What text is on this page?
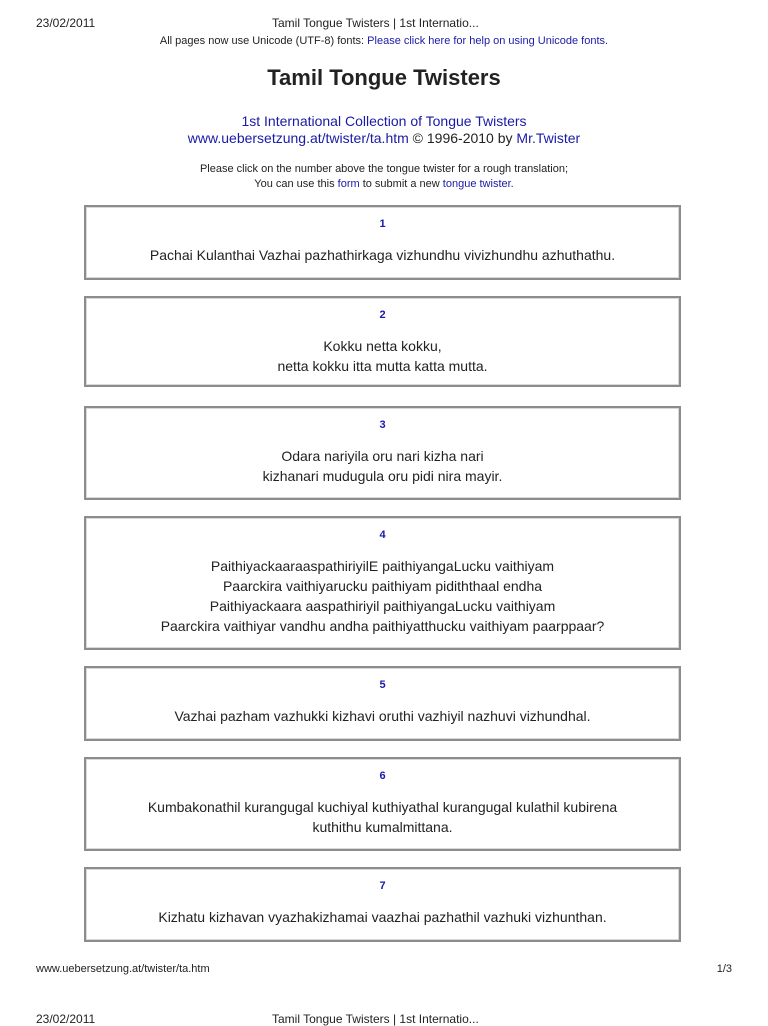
23/02/2011	Tamil Tongue Twisters | 1st Internatio...
All pages now use Unicode (UTF-8) fonts: Please click here for help on using Unicode fonts.
Tamil Tongue Twisters
1st International Collection of Tongue Twisters
www.uebersetzung.at/twister/ta.htm © 1996-2010 by Mr.Twister
Please click on the number above the tongue twister for a rough translation;
You can use this form to submit a new tongue twister.
1
Pachai Kulanthai Vazhai pazhathirkaga vizhundhu vivizhundhu azhuthathu.
2
Kokku netta kokku,
netta kokku itta mutta katta mutta.
3
Odara nariyila oru nari kizha nari
kizhanari mudugula oru pidi nira mayir.
4
PaithiyackaaraaspathiriyilE paithiyangaLucku vaithiyam
Paarckira vaithiyarucku paithiyam pidiththaal endha
Paithiyackaara aaspathiriyil paithiyangaLucku vaithiyam
Paarckira vaithiyar vandhu andha paithiyatthucku vaithiyam paarppaar?
5
Vazhai pazham vazhukki kizhavi oruthi vazhiyil nazhuvi vizhundhal.
6
Kumbakonathil kurangugal kuchiyal kuthiyathal kurangugal kulathil kubirena
kuthithu kumalmittana.
7
Kizhatu kizhavan vyazhakizhamai vaazhai pazhathil vazhuki vizhunthan.
www.uebersetzung.at/twister/ta.htm	1/3
23/02/2011	Tamil Tongue Twisters | 1st Internatio...
